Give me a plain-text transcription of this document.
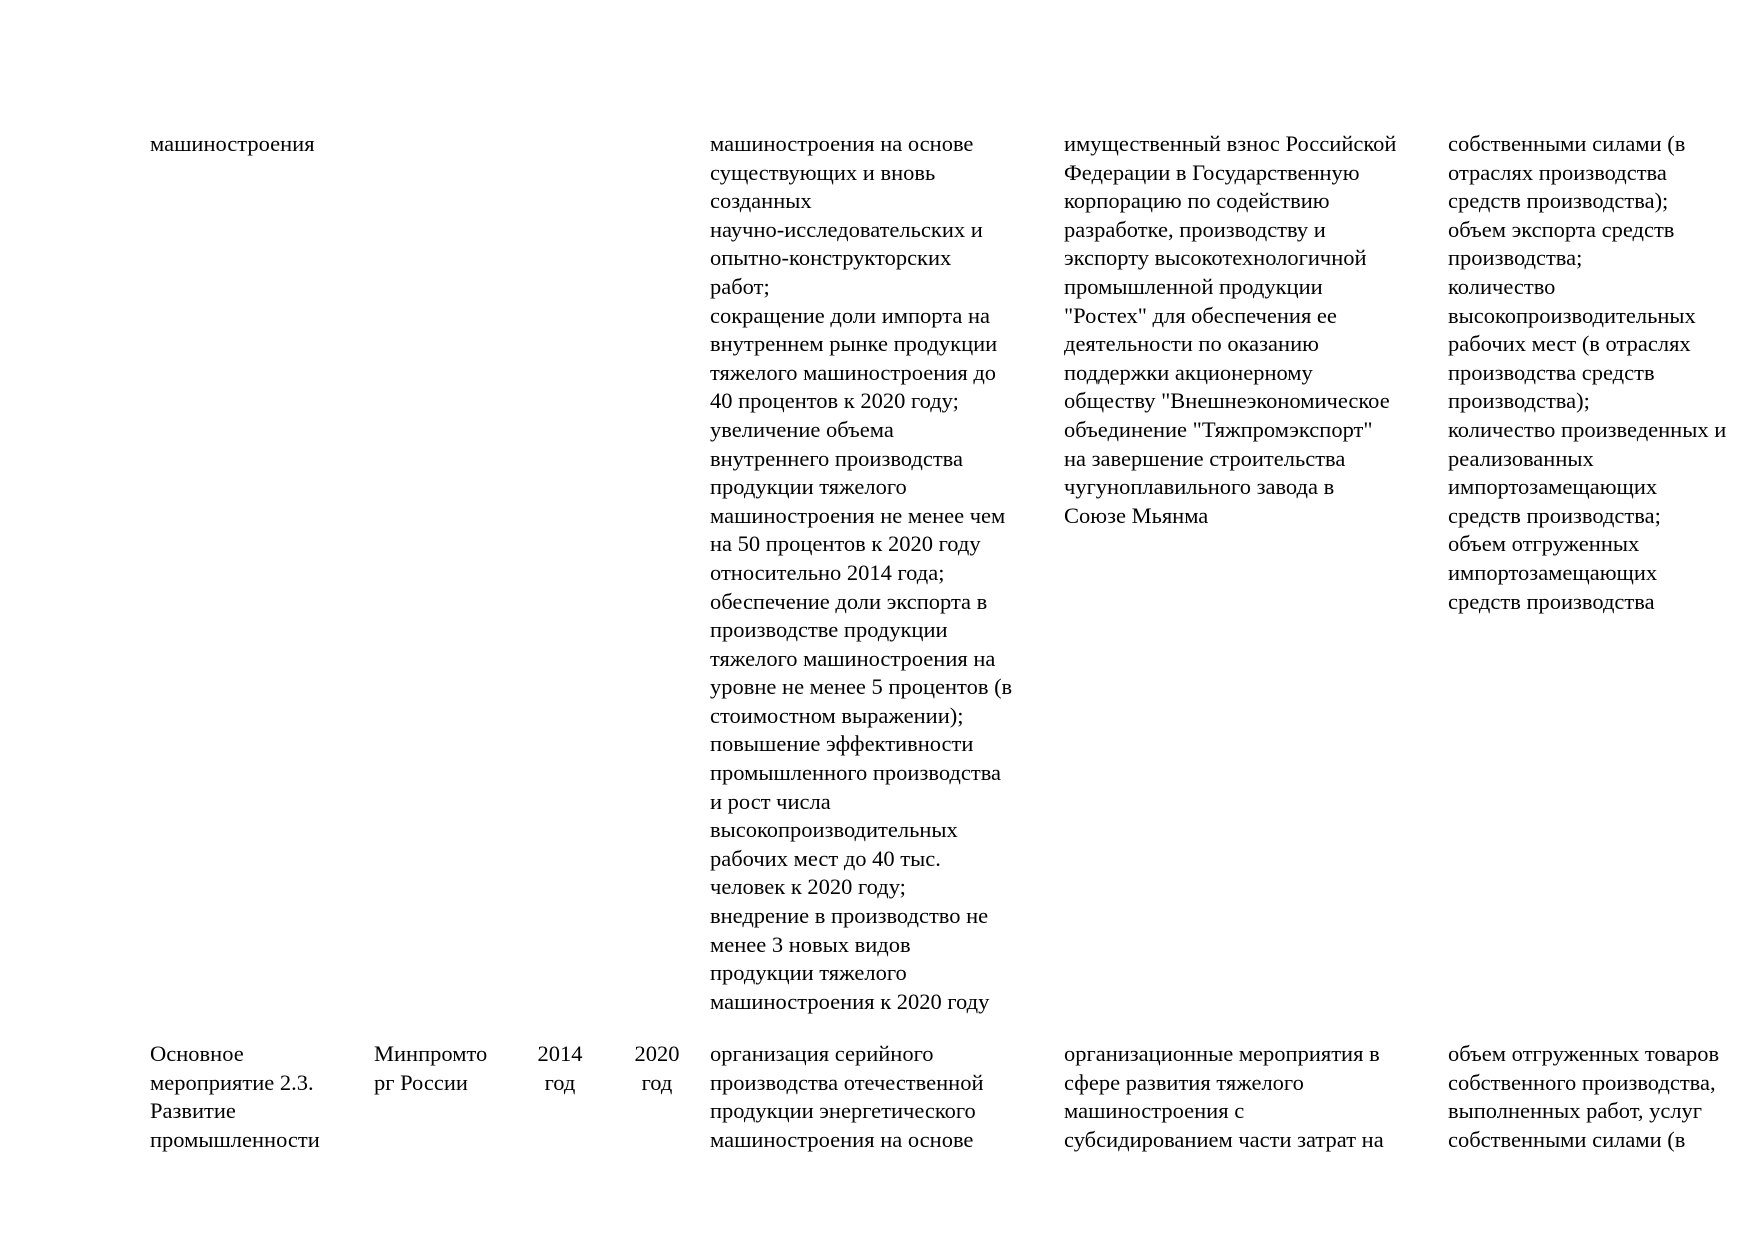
машиностроения	машиностроения на основе
существующих и вновь
созданных
научно-исследовательских и
опытно-конструкторских
работ;
сокращение доли импорта на
внутреннем рынке продукции
тяжелого машиностроения до
40 процентов к 2020 году;
увеличение объема
внутреннего производства
продукции тяжелого
машиностроения не менее чем
на 50 процентов к 2020 году
относительно 2014 года;
обеспечение доли экспорта в
производстве продукции
тяжелого машиностроения на
уровне не менее 5 процентов (в
стоимостном выражении);
повышение эффективности
промышленного производства
и рост числа
высокопроизводительных
рабочих мест до 40 тыс.
человек к 2020 году;
внедрение в производство не
менее 3 новых видов
продукции тяжелого
машиностроения к 2020 году
имущественный взнос Российской
Федерации в Государственную
корпорацию по содействию
разработке, производству и
экспорту высокотехнологичной
промышленной продукции
"Ростех" для обеспечения ее
деятельности по оказанию
поддержки акционерному
обществу "Внешнеэкономическое
объединение "Тяжпромэкспорт"
на завершение строительства
чугуноплавильного завода в
Союзе Мьянма
собственными силами (в
отраслях производства
средств производства);
объем экспорта средств
производства;
количество
высокопроизводительных
рабочих мест (в отраслях
производства средств
производства);
количество произведенных и
реализованных
импортозамещающих
средств производства;
объем отгруженных
импортозамещающих
средств производства
Основное
мероприятие 2.3.
Развитие
промышленности
Минпромто
рг России
2014
год
2020
год
организация серийного
производства отечественной
продукции энергетического
машиностроения на основе
организационные мероприятия в
сфере развития тяжелого
машиностроения с
субсидированием части затрат на
объем отгруженных товаров
собственного производства,
выполненных работ, услуг
собственными силами (в
